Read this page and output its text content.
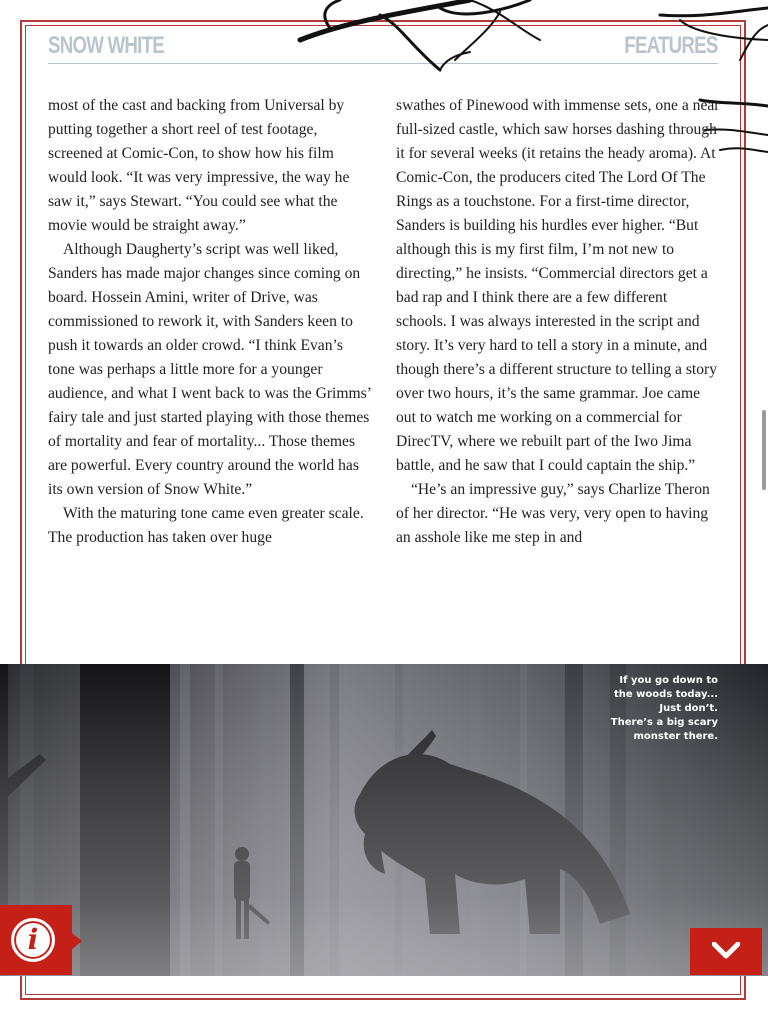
SNOW WHITE	FEATURES

most of the cast and backing from Universal by putting together a short reel of test footage, screened at Comic-Con, to show how his film would look. “It was very impressive, the way he saw it,” says Stewart. “You could see what the movie would be straight away.”

Although Daugherty’s script was well liked, Sanders has made major changes since coming on board. Hossein Amini, writer of Drive, was commissioned to rework it, with Sanders keen to push it towards an older crowd. “I think Evan’s tone was perhaps a little more for a younger audience, and what I went back to was the Grimms’ fairy tale and just started playing with those themes of mortality and fear of mortality... Those themes are powerful. Every country around the world has its own version of Snow White.”

With the maturing tone came even greater scale. The production has taken over huge

swathes of Pinewood with immense sets, one a near full-sized castle, which saw horses dashing through it for several weeks (it retains the heady aroma). At Comic-Con, the producers cited The Lord Of The Rings as a touchstone. For a first-time director, Sanders is building his hurdles ever higher. “But although this is my first film, I’m not new to directing,” he insists. “Commercial directors get a bad rap and I think there are a few different schools. I was always interested in the script and story. It’s very hard to tell a story in a minute, and though there’s a different structure to telling a story over two hours, it’s the same grammar. Joe came out to watch me working on a commercial for DirecTV, where we rebuilt part of the Iwo Jima battle, and he saw that I could captain the ship.”

“He’s an impressive guy,” says Charlize Theron of her director. “He was very, very open to having an asshole like me step in and

If you go down to
the woods today...
Just don’t.
There’s a big scary
monster there.
i
